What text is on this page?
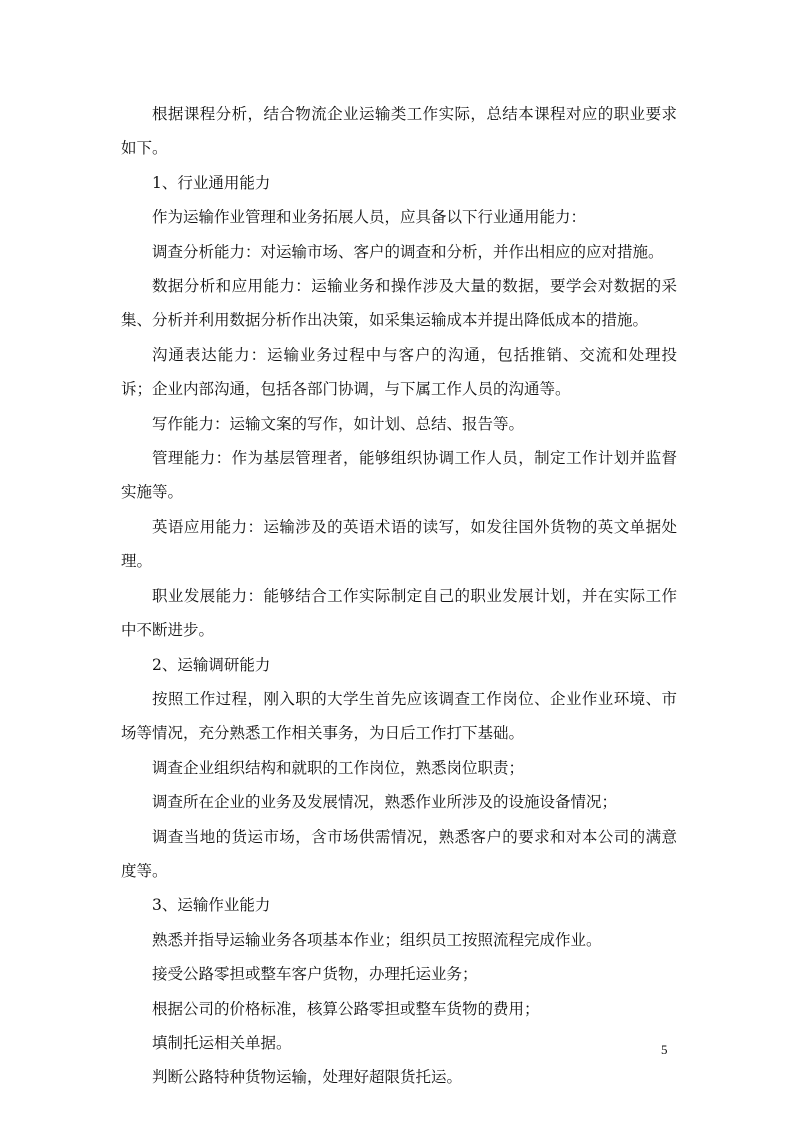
根据课程分析，结合物流企业运输类工作实际，总结本课程对应的职业要求如下。

1、行业通用能力

作为运输作业管理和业务拓展人员，应具备以下行业通用能力：

调查分析能力：对运输市场、客户的调查和分析，并作出相应的应对措施。

数据分析和应用能力：运输业务和操作涉及大量的数据，要学会对数据的采集、分析并利用数据分析作出决策，如采集运输成本并提出降低成本的措施。

沟通表达能力：运输业务过程中与客户的沟通，包括推销、交流和处理投诉；企业内部沟通，包括各部门协调，与下属工作人员的沟通等。

写作能力：运输文案的写作，如计划、总结、报告等。

管理能力：作为基层管理者，能够组织协调工作人员，制定工作计划并监督实施等。

英语应用能力：运输涉及的英语术语的读写，如发往国外货物的英文单据处理。

职业发展能力：能够结合工作实际制定自己的职业发展计划，并在实际工作中不断进步。

2、运输调研能力

按照工作过程，刚入职的大学生首先应该调查工作岗位、企业作业环境、市场等情况，充分熟悉工作相关事务，为日后工作打下基础。

调查企业组织结构和就职的工作岗位，熟悉岗位职责；

调查所在企业的业务及发展情况，熟悉作业所涉及的设施设备情况；

调查当地的货运市场，含市场供需情况，熟悉客户的要求和对本公司的满意度等。

3、运输作业能力

熟悉并指导运输业务各项基本作业；组织员工按照流程完成作业。

接受公路零担或整车客户货物，办理托运业务；

根据公司的价格标准，核算公路零担或整车货物的费用；

填制托运相关单据。

判断公路特种货物运输，处理好超限货托运。

5
